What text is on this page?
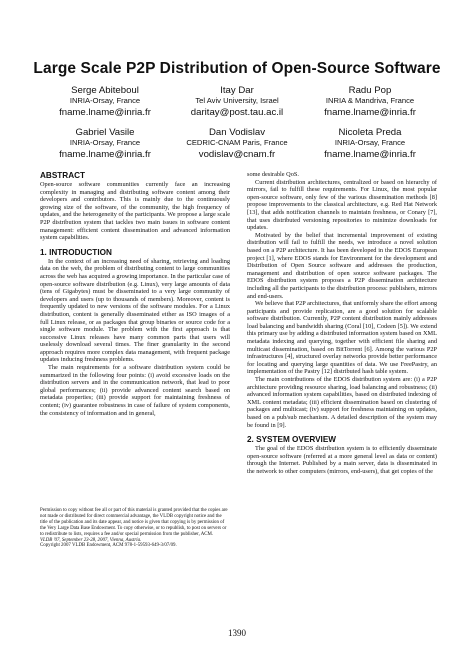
Large Scale P2P Distribution of Open-Source Software
Serge Abiteboul
INRIA-Orsay, France
fname.lname@inria.fr
Itay Dar
Tel Aviv University, Israel
daritay@post.tau.ac.il
Radu Pop
INRIA & Mandriva, France
fname.lname@inria.fr
Gabriel Vasile
INRIA-Orsay, France
fname.lname@inria.fr
Dan Vodislav
CEDRIC-CNAM Paris, France
vodislav@cnam.fr
Nicoleta Preda
INRIA-Orsay, France
fname.lname@inria.fr
ABSTRACT

Open-source software communities currently face an increasing complexity in managing and distributing software content among their developers and contributors. This is mainly due to the continuously growing size of the software, of the community, the high frequency of updates, and the heterogeneity of the participants. We propose a large scale P2P distribution system that tackles two main issues in software content management: efficient content dissemination and advanced information system capabilities.

1. INTRODUCTION

In the context of an increasing need of sharing, retrieving and loading data on the web, the problem of distributing content to large communities across the web has acquired a growing importance. In the particular case of open-source software distribution (e.g. Linux), very large amounts of data (tens of Gigabytes) must be disseminated to a very large community of developers and users (up to thousands of members). Moreover, content is frequently updated to new versions of the software modules. For a Linux distribution, content is generally disseminated either as ISO images of a full Linux release, or as packages that group binaries or source code for a single software module. The problem with the first approach is that successive Linux releases have many common parts that users will uselessly download several times. The finer granularity in the second approach requires more complex data management, with frequent package updates inducing freshness problems.

The main requirements for a software distribution system could be summarized in the following four points: (i) avoid excessive loads on the distribution servers and in the communication network, that lead to poor global performances; (ii) provide advanced content search based on metadata properties; (iii) provide support for maintaining freshness of content; (iv) guarantee robustness in case of failure of system components, the consistency of information and in general,

Permission to copy without fee all or part of this material is granted provided that the copies are not made or distributed for direct commercial advantage, the VLDB copyright notice and the title of the publication and its date appear, and notice is given that copying is by permission of the Very Large Data Base Endowment. To copy otherwise, or to republish, to post on servers or to redistribute to lists, requires a fee and/or special permission from the publisher, ACM.

VLDB '07, September 23-28, 2007, Vienna, Austria.

Copyright 2007 VLDB Endowment, ACM 978-1-59593-649-3/07/09.

some desirable QoS.

Current distribution architectures, centralized or based on hierarchy of mirrors, fail to fulfill these requirements. For Linux, the most popular open-source software, only few of the various dissemination methods [8] propose improvements to the classical architecture, e.g. Red Hat Network [13], that adds notification channels to maintain freshness, or Conary [7], that uses distributed versioning repositories to minimize downloads for updates.

Motivated by the belief that incremental improvement of existing distribution will fail to fulfill the needs, we introduce a novel solution based on a P2P architecture. It has been developed in the EDOS European project [1], where EDOS stands for Environment for the development and Distribution of Open Source software and addresses the production, management and distribution of open source software packages. The EDOS distribution system proposes a P2P dissemination architecture including all the participants to the distribution process: publishers, mirrors and end-users.

We believe that P2P architectures, that uniformly share the effort among participants and provide replication, are a good solution for scalable software distribution. Currently, P2P content distribution mainly addresses load balancing and bandwidth sharing (Coral [10], Codeen [5]). We extend this primary use by adding a distributed information system based on XML metadata indexing and querying, together with efficient file sharing and multicast dissemination, based on BitTorrent [6]. Among the various P2P infrastructures [4], structured overlay networks provide better performance for locating and querying large quantities of data. We use FreePastry, an implementation of the Pastry [12] distributed hash table system.

The main contributions of the EDOS distribution system are: (i) a P2P architecture providing resource sharing, load balancing and robustness; (ii) advanced information system capabilities, based on distributed indexing of XML content metadata; (iii) efficient dissemination based on clustering of packages and multicast; (iv) support for freshness maintaining on updates, based on a pub/sub mechanism. A detailed description of the system may be found in [9].

2. SYSTEM OVERVIEW

The goal of the EDOS distribution system is to efficiently disseminate open-source software (referred at a more general level as data or content) through the Internet. Published by a main server, data is disseminated in the network to other computers (mirrors, end-users), that get copies of the

1390
